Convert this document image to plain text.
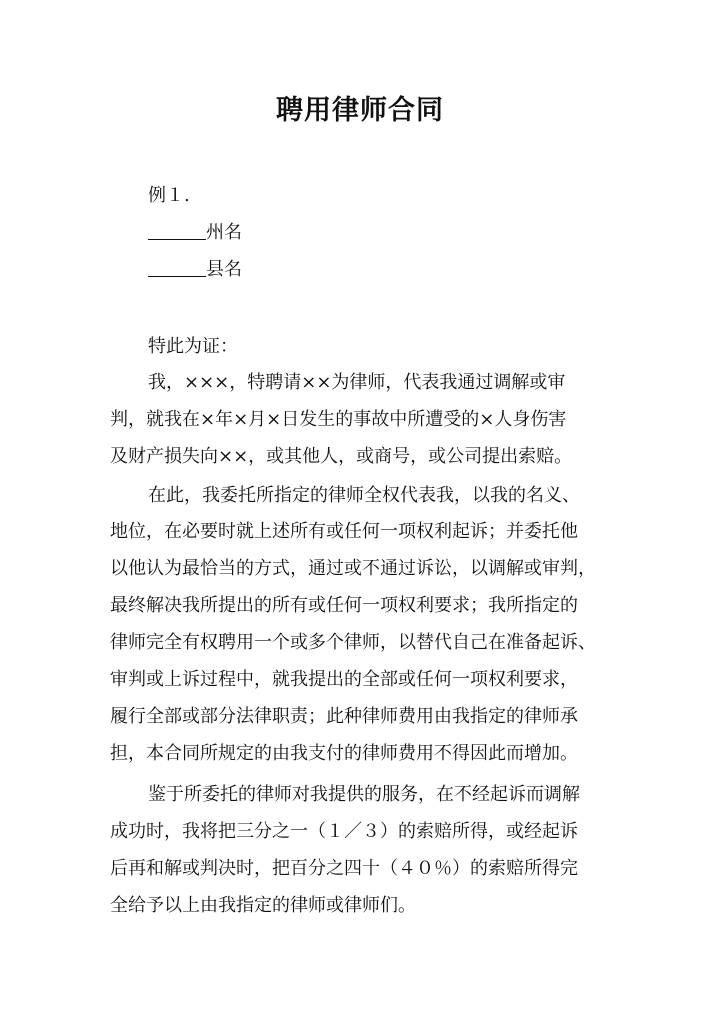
聘用律师合同
例１.
州名
县名
特此为证：
我，×××，特聘请××为律师，代表我通过调解或审
判，就我在×年×月×日发生的事故中所遭受的×人身伤害
及财产损失向××，或其他人，或商号，或公司提出索赔。
在此，我委托所指定的律师全权代表我，以我的名义、
地位，在必要时就上述所有或任何一项权利起诉；并委托他
以他认为最恰当的方式，通过或不通过诉讼，以调解或审判，
最终解决我所提出的所有或任何一项权利要求；我所指定的
律师完全有权聘用一个或多个律师，以替代自己在准备起诉、
审判或上诉过程中，就我提出的全部或任何一项权利要求，
履行全部或部分法律职责；此种律师费用由我指定的律师承
担，本合同所规定的由我支付的律师费用不得因此而增加。
鉴于所委托的律师对我提供的服务，在不经起诉而调解
成功时，我将把三分之一（１／３）的索赔所得，或经起诉
后再和解或判决时，把百分之四十（４０％）的索赔所得完
全给予以上由我指定的律师或律师们。
